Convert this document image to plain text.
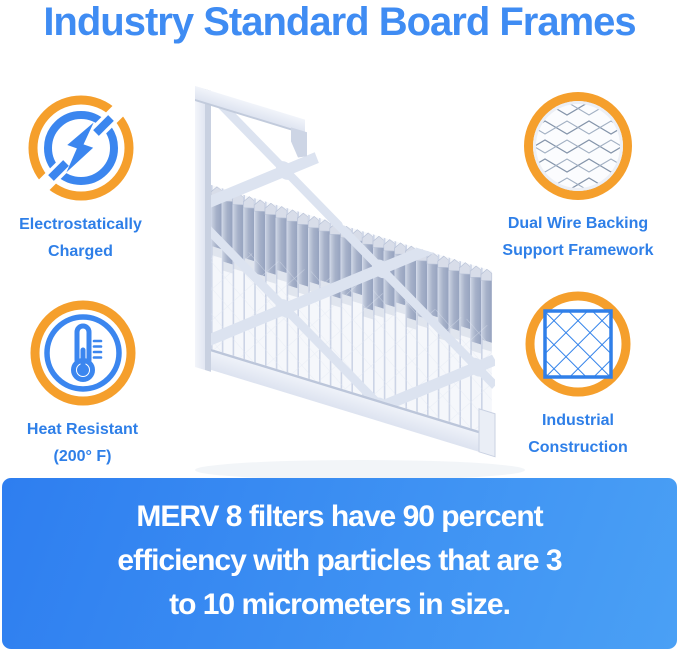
Industry Standard Board Frames
Electrostatically
Charged
Dual Wire Backing
Support Framework
Heat Resistant
(200° F)
Industrial
Construction
MERV 8 filters have 90 percent
efficiency with particles that are 3
to 10 micrometers in size.
